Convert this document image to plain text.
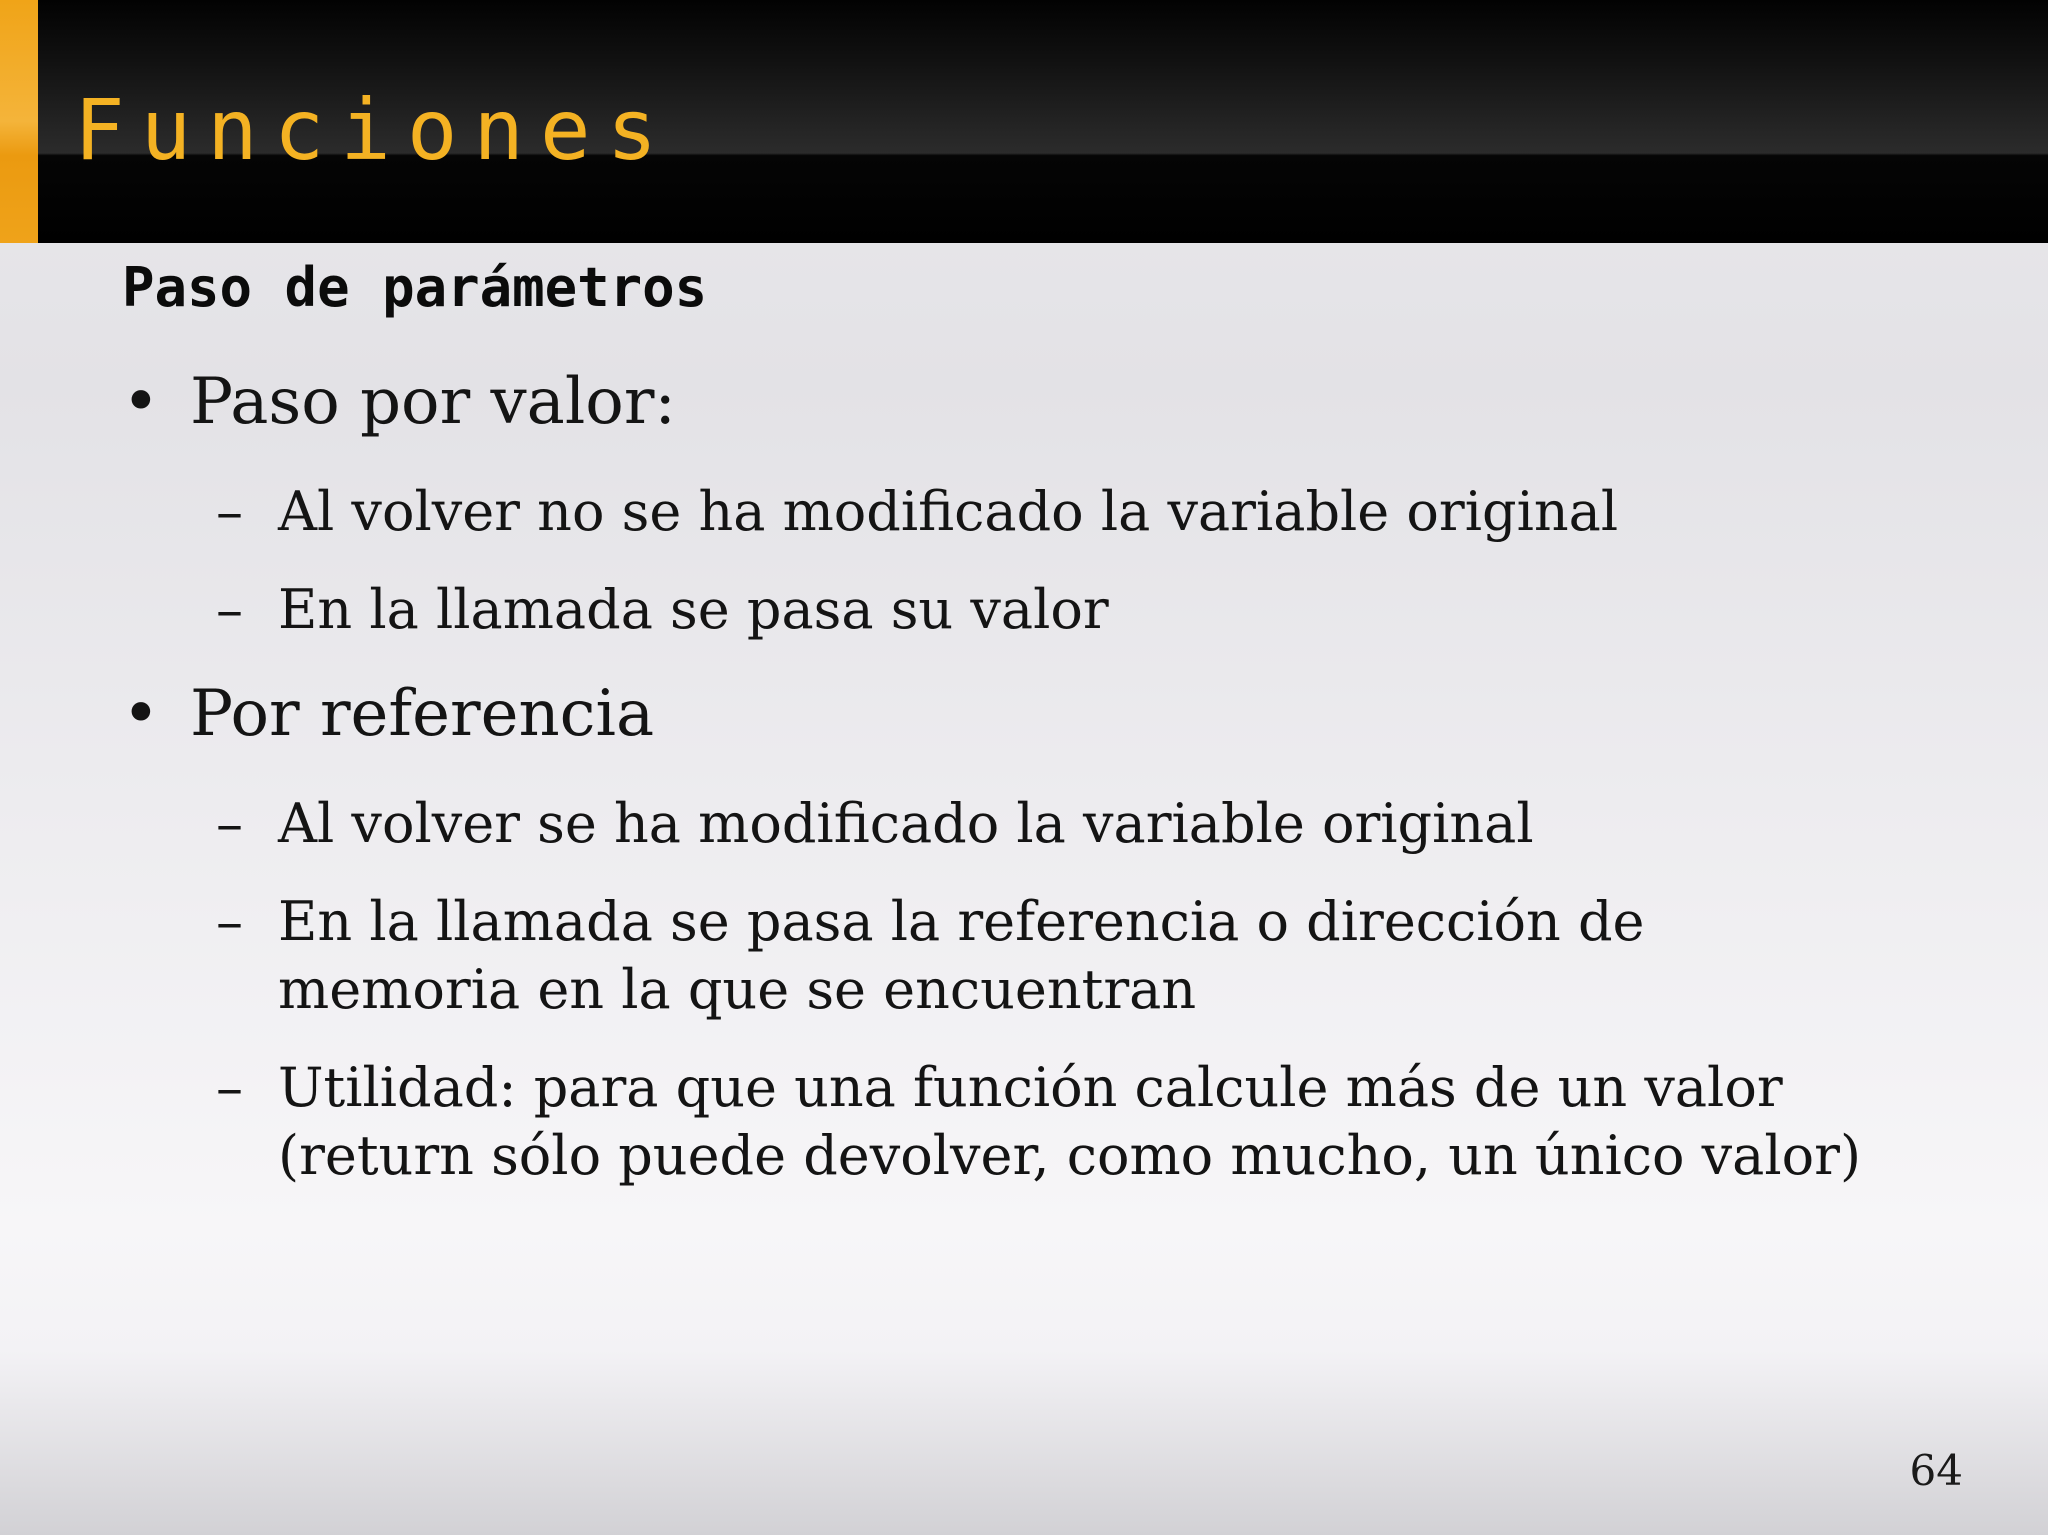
Funciones
Paso de parámetros
• Paso por valor:
– Al volver no se ha modificado la variable original
– En la llamada se pasa su valor
• Por referencia
– Al volver se ha modificado la variable original
– En la llamada se pasa la referencia o dirección de memoria en la que se encuentran
– Utilidad: para que una función calcule más de un valor (return sólo puede devolver, como mucho, un único valor)
64
